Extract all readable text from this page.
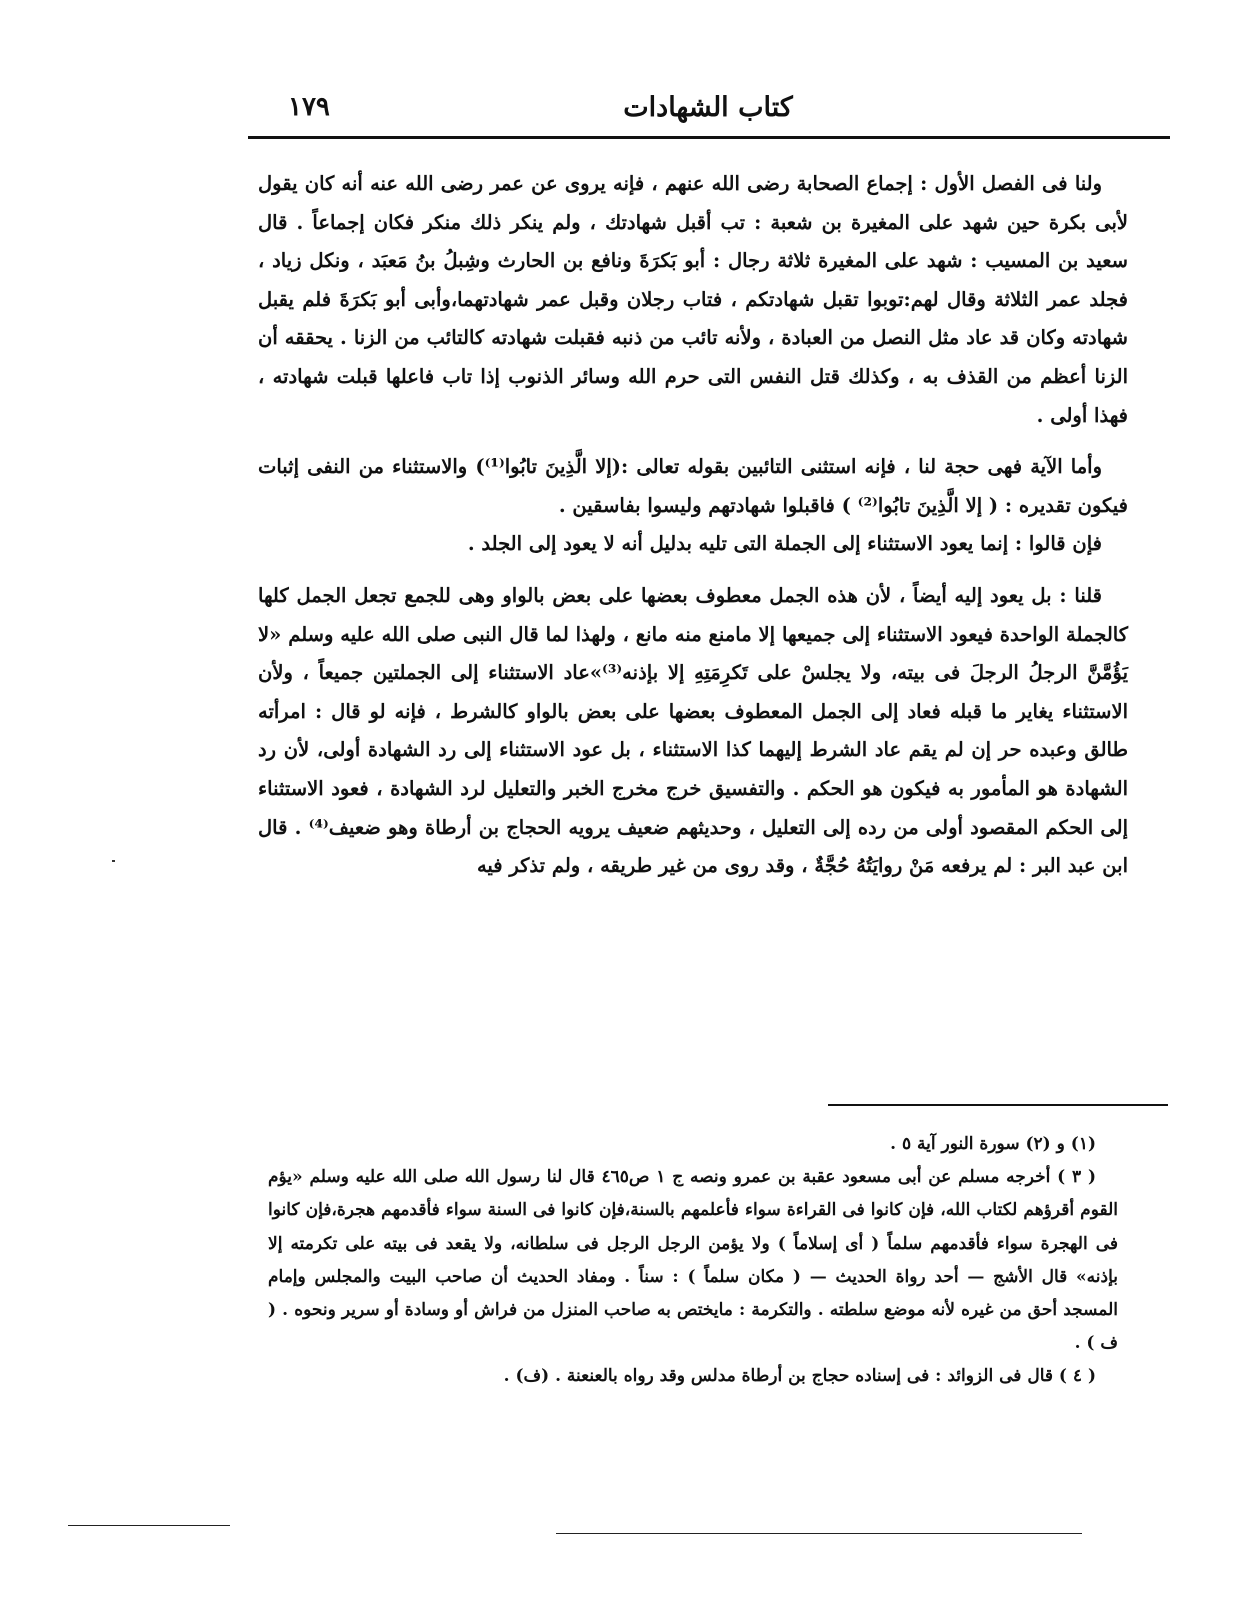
١٧٩	كتاب الشهادات

ولنا فى الفصل الأول : إجماع الصحابة رضى الله عنهم ، فإنه يروى عن عمر رضى الله عنه أنه كان يقول لأبى بكرة حين شهد على المغيرة بن شعبة : تب أقبل شهادتك ، ولم ينكر ذلك منكر فكان إجماعاً . قال سعيد بن المسيب : شهد على المغيرة ثلاثة رجال : أبو بَكرَةَ ونافع بن الحارث وشِبلُ بنُ مَعبَد ، ونكل زياد ، فجلد عمر الثلاثة وقال لهم:توبوا تقبل شهادتكم ، فتاب رجلان وقبل عمر شهادتهما،وأبى أبو بَكرَةَ فلم يقبل شهادته وكان قد عاد مثل النصل من العبادة ، ولأنه تائب من ذنبه فقبلت شهادته كالتائب من الزنا . يحققه أن الزنا أعظم من القذف به ، وكذلك قتل النفس التى حرم الله وسائر الذنوب إذا تاب فاعلها قبلت شهادته ، فهذا أولى .

وأما الآية فهى حجة لنا ، فإنه استثنى التائبين بقوله تعالى :(إلا الَّذِينَ تابُوا⁽¹⁾) والاستثناء من النفى إثبات فيكون تقديره : ( إلا الَّذِينَ تابُوا⁽²⁾ ) فاقبلوا شهادتهم وليسوا بفاسقين .

فإن قالوا : إنما يعود الاستثناء إلى الجملة التى تليه بدليل أنه لا يعود إلى الجلد .

قلنا : بل يعود إليه أيضاً ، لأن هذه الجمل معطوف بعضها على بعض بالواو وهى للجمع تجعل الجمل كلها كالجملة الواحدة فيعود الاستثناء إلى جميعها إلا مامنع منه مانع ، ولهذا لما قال النبى صلى الله عليه وسلم «لا يَؤُمَّنَّ الرجلُ الرجلَ فى بيته، ولا يجلسْ على تَكرِمَتِهِ إلا بإذنه⁽³⁾»عاد الاستثناء إلى الجملتين جميعاً ، ولأن الاستثناء يغاير ما قبله فعاد إلى الجمل المعطوف بعضها على بعض بالواو كالشرط ، فإنه لو قال : امرأته طالق وعبده حر إن لم يقم عاد الشرط إليهما كذا الاستثناء ، بل عود الاستثناء إلى رد الشهادة أولى، لأن رد الشهادة هو المأمور به فيكون هو الحكم . والتفسيق خرج مخرج الخبر والتعليل لرد الشهادة ، فعود الاستثناء إلى الحكم المقصود أولى من رده إلى التعليل ، وحديثهم ضعيف يرويه الحجاج بن أرطاة وهو ضعيف⁽⁴⁾ . قال ابن عبد البر : لم يرفعه مَنْ روايَتُهُ حُجَّةٌ ، وقد روى من غير طريقه ، ولم تذكر فيه

(١) و (٢) سورة النور آية ٥ .

( ٣ ) أخرجه مسلم عن أبى مسعود عقبة بن عمرو ونصه ج ١ ص٤٦٥ قال لنا رسول الله صلى الله عليه وسلم «يؤم القوم أقرؤهم لكتاب الله، فإن كانوا فى القراءة سواء فأعلمهم بالسنة،فإن كانوا فى السنة سواء فأقدمهم هجرة،فإن كانوا فى الهجرة سواء فأقدمهم سلماً ( أى إسلاماً ) ولا يؤمن الرجل الرجل فى سلطانه، ولا يقعد فى بيته على تكرمته إلا بإذنه» قال الأشج — أحد رواة الحديث — ( مكان سلماً ) : سناً . ومفاد الحديث أن صاحب البيت والمجلس وإمام المسجد أحق من غيره لأنه موضع سلطته . والتكرمة : مايختص به صاحب المنزل من فراش أو وسادة أو سرير ونحوه . ( ف ) .

( ٤ ) قال فى الزوائد : فى إسناده حجاج بن أرطاة مدلس وقد رواه بالعنعنة . (ف) .
